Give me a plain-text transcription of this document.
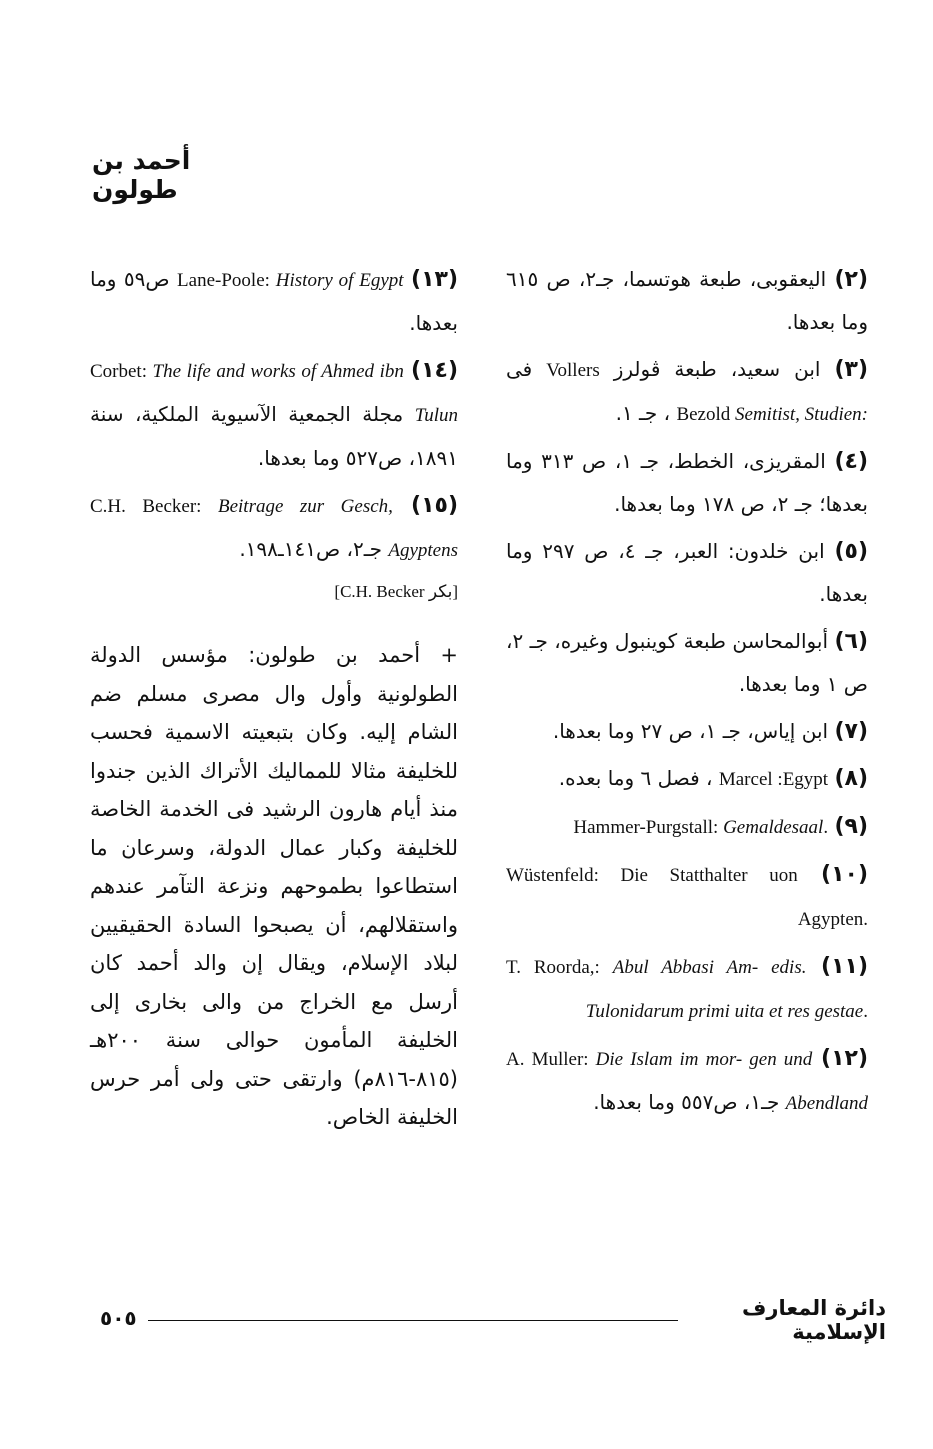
أحمد بن طولون
(٢) اليعقوبى، طبعة هوتسما، جـ٢، ص ٦١٥ وما بعدها.
(٣) ابن سعيد، طبعة ڤولرز Vollers فى Bezold Semitist, Studien: ، جـ ١.
(٤) المقريزى، الخطط، جـ ١، ص ٣١٣ وما بعدها؛ جـ ٢، ص ١٧٨ وما بعدها.
(٥) ابن خلدون: العبر، جـ ٤، ص ٢٩٧ وما بعدها.
(٦) أبوالمحاسن طبعة كوينبول وغيره، جـ ٢، ص ١ وما بعدها.
(٧) ابن إياس، جـ ١، ص ٢٧ وما بعدها.
(٨) Marcel :Egypt ، فصل ٦ وما بعده.
(٩) Hammer-Purgstall: Gemaldesaal.
(١٠) Wüstenfeld: Die Statthalter uon Agypten.
(١١) T. Roorda,: Abul Abbasi Am- edis. Tulonidarum primi uita et res gestae.
(١٢) A. Muller: Die Islam im mor- gen und Abendland جـ١، ص٥٥٧ وما بعدها.
(١٣) Lane-Poole: History of Egypt ص٥٩ وما بعدها.
(١٤) Corbet: The life and works of Ahmed ibn Tulun مجلة الجمعية الآسيوية الملكية، سنة ١٨٩١، ص٥٢٧ وما بعدها.
(١٥) C.H. Becker: Beitrage zur Gesch, Agyptens جـ٢، ص١٤١ـ١٩٨.
[بكر C.H. Becker]
+ أحمد بن طولون: مؤسس الدولة الطولونية وأول وال مصرى مسلم ضم الشام إليه. وكان بتبعيته الاسمية فحسب للخليفة مثالا للمماليك الأتراك الذين جندوا منذ أيام هارون الرشيد فى الخدمة الخاصة للخليفة وكبار عمال الدولة، وسرعان ما استطاعوا بطموحهم ونزعة التآمر عندهم واستقلالهم، أن يصبحوا السادة الحقيقيين لبلاد الإسلام، ويقال إن والد أحمد كان أرسل مع الخراج من والى بخارى إلى الخليفة المأمون حوالى سنة ٢٠٠هـ (٨١٥-٨١٦م) وارتقى حتى ولى أمر حرس الخليفة الخاص.
دائرة المعارف الإسلامية
٥٠٥
